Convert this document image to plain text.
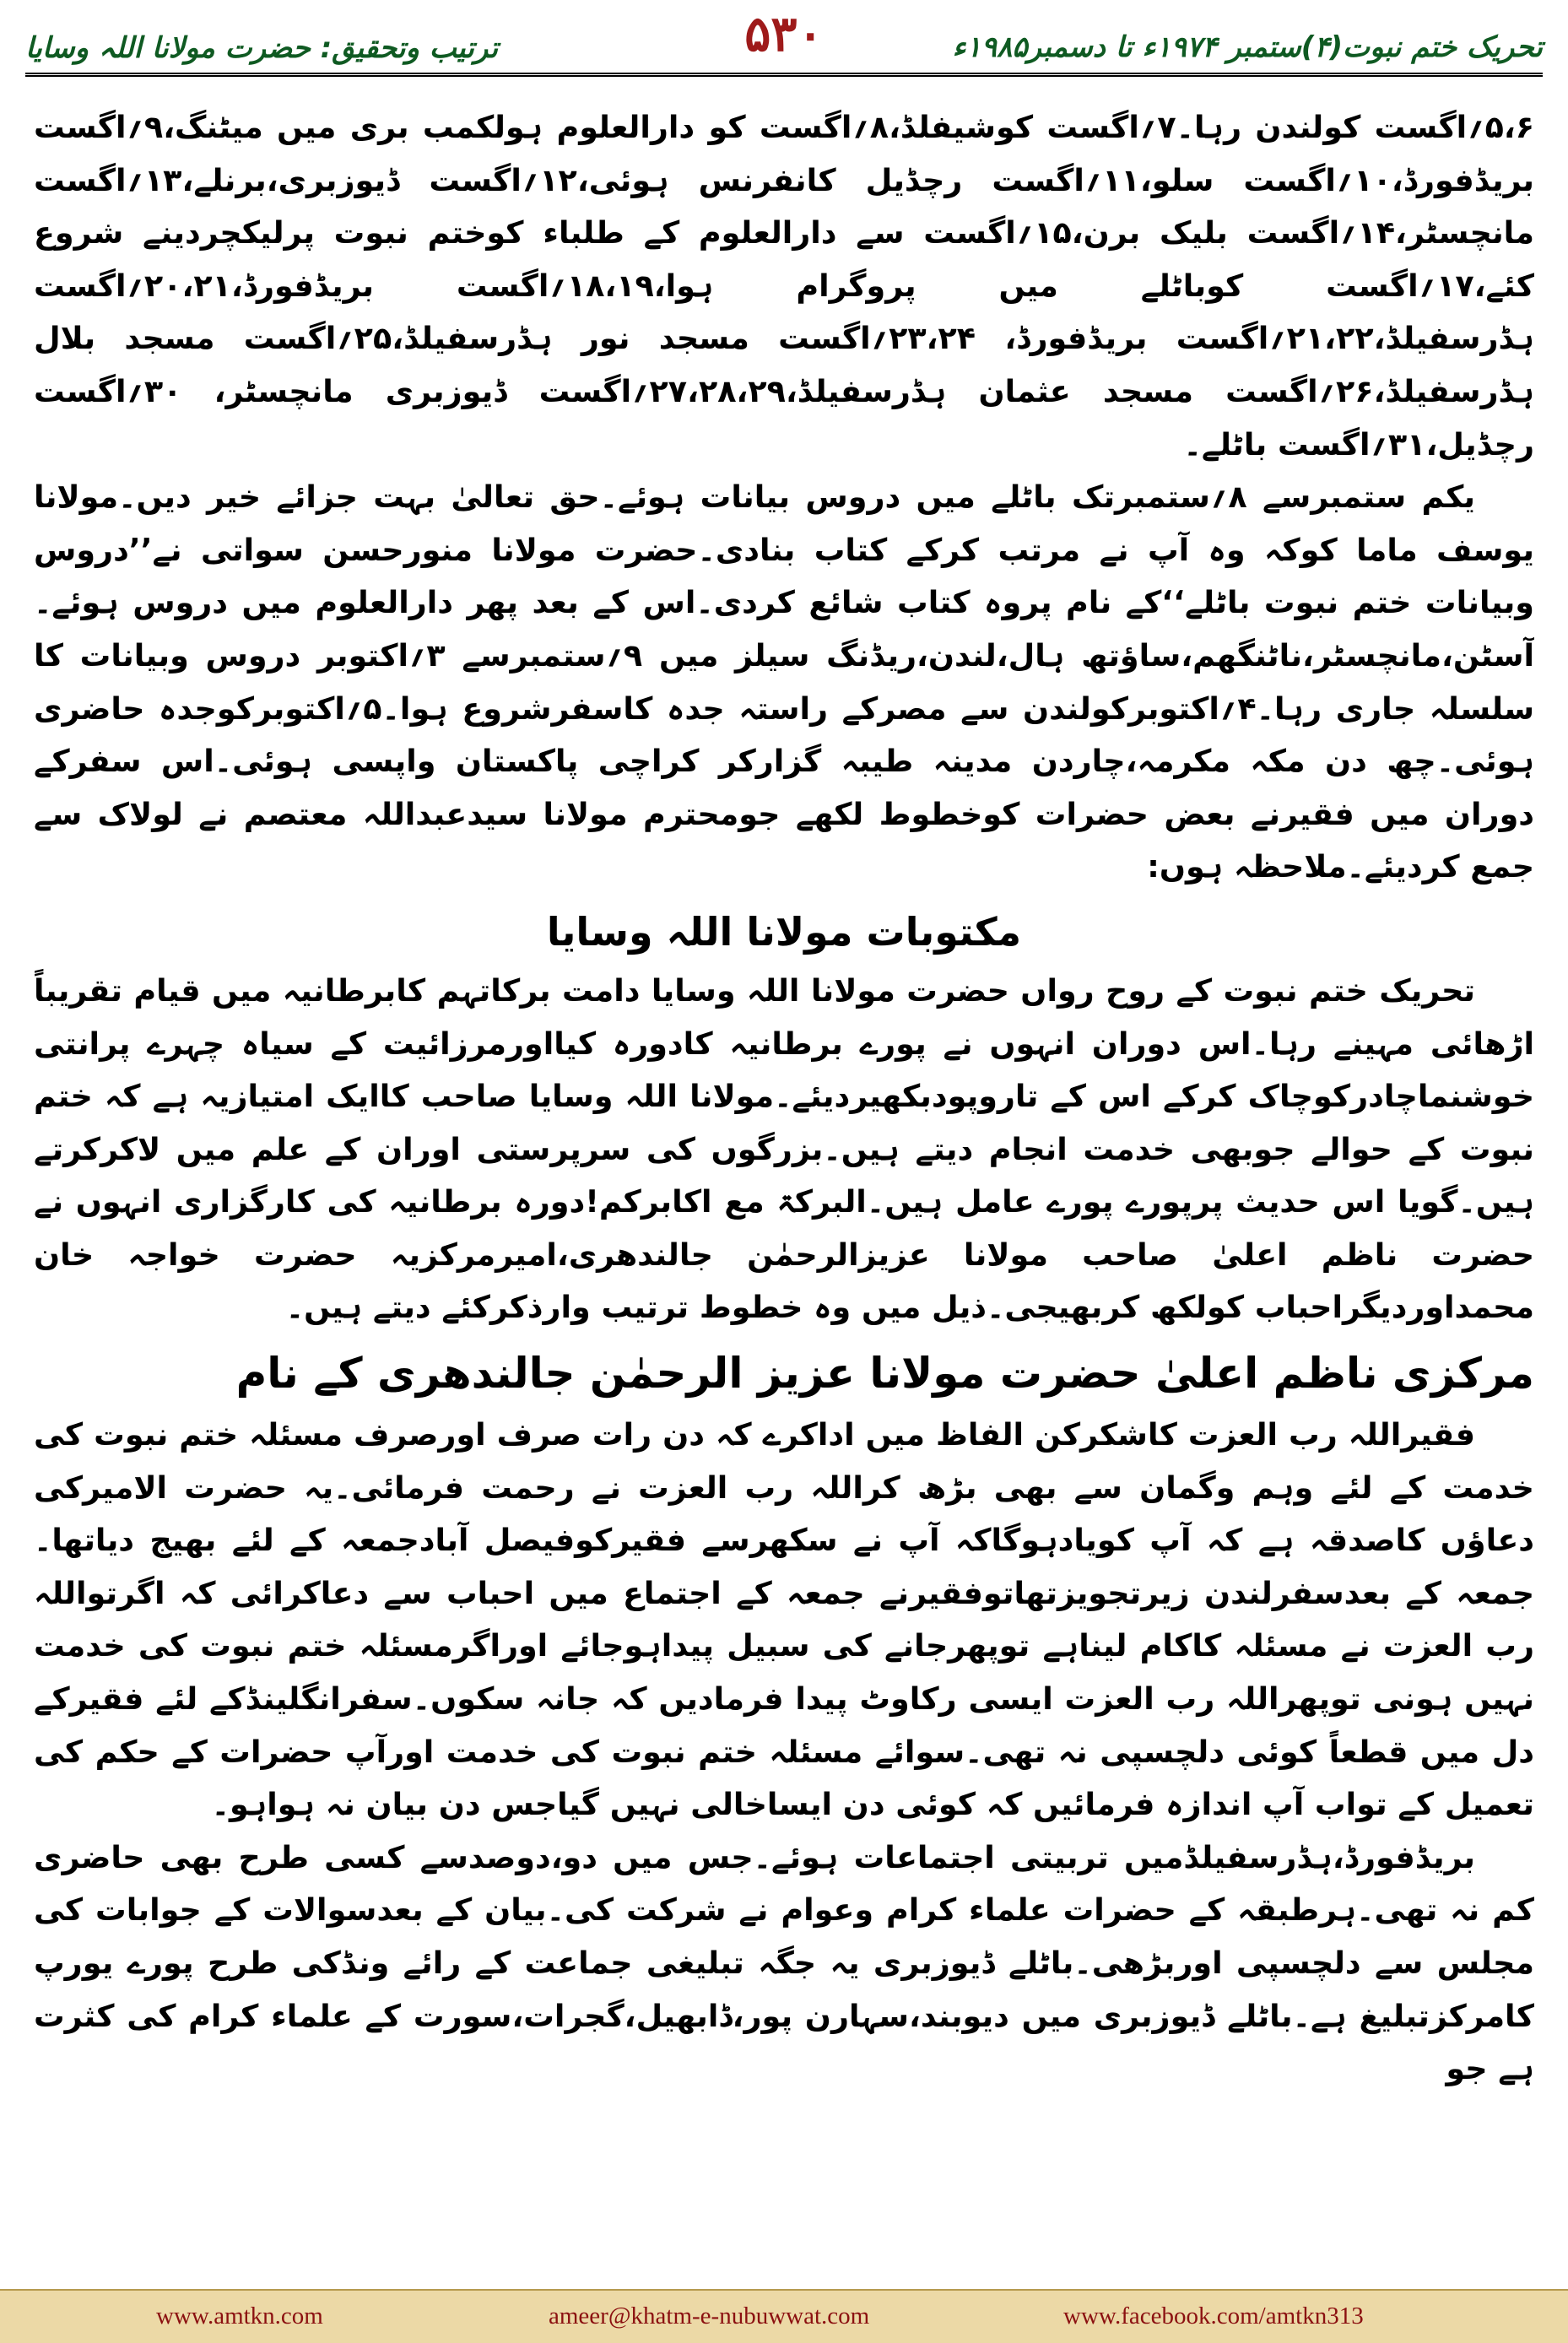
تحریک ختم نبوت(۴)ستمبر ۱۹۷۴ء تا دسمبر۱۹۸۵ء
۵۳۰
ترتیب وتحقیق: حضرت مولانا اللہ وسایا

۵،۶؍اگست کولندن رہا۔۷؍اگست کوشیفلڈ،۸؍اگست کو دارالعلوم ہولکمب بری میں میٹنگ،۹؍اگست بریڈفورڈ،۱۰؍اگست سلو،۱۱؍اگست رچڈیل کانفرنس ہوئی،۱۲؍اگست ڈیوزبری،برنلے،۱۳؍اگست مانچسٹر،۱۴؍اگست بلیک برن،۱۵؍اگست سے دارالعلوم کے طلباء کوختم نبوت پرلیکچردینے شروع کئے،۱۷؍اگست کوباٹلے میں پروگرام ہوا،۱۸،۱۹؍اگست بریڈفورڈ،۲۰،۲۱؍اگست ہڈرسفیلڈ،۲۱،۲۲؍اگست بریڈفورڈ، ۲۳،۲۴؍اگست مسجد نور ہڈرسفیلڈ،۲۵؍اگست مسجد بلال ہڈرسفیلڈ،۲۶؍اگست مسجد عثمان ہڈرسفیلڈ،۲۷،۲۸،۲۹؍اگست ڈیوزبری مانچسٹر، ۳۰؍اگست رچڈیل،۳۱؍اگست باٹلے۔

یکم ستمبرسے ۸؍ستمبرتک باٹلے میں دروس بیانات ہوئے۔حق تعالیٰ بہت جزائے خیر دیں۔مولانا یوسف ماما کوکہ وہ آپ نے مرتب کرکے کتاب بنادی۔حضرت مولانا منورحسن سواتی نے’’دروس وبیانات ختم نبوت باٹلے‘‘کے نام پروہ کتاب شائع کردی۔اس کے بعد پھر دارالعلوم میں دروس ہوئے۔آسٹن،مانچسٹر،ناٹنگھم،ساؤتھ ہال،لندن،ریڈنگ سیلز میں ۹؍ستمبرسے ۳؍اکتوبر دروس وبیانات کا سلسلہ جاری رہا۔۴؍اکتوبرکولندن سے مصرکے راستہ جدہ کاسفرشروع ہوا۔۵؍اکتوبرکوجدہ حاضری ہوئی۔چھ دن مکہ مکرمہ،چاردن مدینہ طیبہ گزارکر کراچی پاکستان واپسی ہوئی۔اس سفرکے دوران میں فقیرنے بعض حضرات کوخطوط لکھے جومحترم مولانا سیدعبداللہ معتصم نے لولاک سے جمع کردیئے۔ملاحظہ ہوں:

مکتوبات مولانا اللہ وسایا

تحریک ختم نبوت کے روح رواں حضرت مولانا اللہ وسایا دامت برکاتہم کابرطانیہ میں قیام تقریباً اڑھائی مہینے رہا۔اس دوران انہوں نے پورے برطانیہ کادورہ کیااورمرزائیت کے سیاہ چہرے پرانتی خوشنماچادرکوچاک کرکے اس کے تاروپودبکھیردیئے۔مولانا اللہ وسایا صاحب کاایک امتیازیہ ہے کہ ختم نبوت کے حوالے جوبھی خدمت انجام دیتے ہیں۔بزرگوں کی سرپرستی اوران کے علم میں لاکرکرتے ہیں۔گویا اس حدیث پرپورے پورے عامل ہیں۔البرکۃ مع اکابرکم!دورہ برطانیہ کی کارگزاری انہوں نے حضرت ناظم اعلیٰ صاحب مولانا عزیزالرحمٰن جالندھری،امیرمرکزیہ حضرت خواجہ خان محمداوردیگراحباب کولکھ کربھیجی۔ذیل میں وہ خطوط ترتیب وارذکرکئے دیتے ہیں۔

مرکزی ناظم اعلیٰ حضرت مولانا عزیز الرحمٰن جالندھری کے نام

فقیراللہ رب العزت کاشکرکن الفاظ میں اداکرے کہ دن رات صرف اورصرف مسئلہ ختم نبوت کی خدمت کے لئے وہم وگمان سے بھی بڑھ کراللہ رب العزت نے رحمت فرمائی۔یہ حضرت الامیرکی دعاؤں کاصدقہ ہے کہ آپ کویادہوگاکہ آپ نے سکھرسے فقیرکوفیصل آبادجمعہ کے لئے بھیج دیاتھا۔جمعہ کے بعدسفرلندن زیرتجویزتھاتوفقیرنے جمعہ کے اجتماع میں احباب سے دعاکرائی کہ اگرتواللہ رب العزت نے مسئلہ کاکام لیناہے توپھرجانے کی سبیل پیداہوجائے اوراگرمسئلہ ختم نبوت کی خدمت نہیں ہونی توپھراللہ رب العزت ایسی رکاوٹ پیدا فرمادیں کہ جانہ سکوں۔سفرانگلینڈکے لئے فقیرکے دل میں قطعاً کوئی دلچسپی نہ تھی۔سوائے مسئلہ ختم نبوت کی خدمت اورآپ حضرات کے حکم کی تعمیل کے تواب آپ اندازہ فرمائیں کہ کوئی دن ایساخالی نہیں گیاجس دن بیان نہ ہواہو۔

بریڈفورڈ،ہڈرسفیلڈمیں تربیتی اجتماعات ہوئے۔جس میں دو،دوصدسے کسی طرح بھی حاضری کم نہ تھی۔ہرطبقہ کے حضرات علماء کرام وعوام نے شرکت کی۔بیان کے بعدسوالات کے جوابات کی مجلس سے دلچسپی اوربڑھی۔باٹلے ڈیوزبری یہ جگہ تبلیغی جماعت کے رائے ونڈکی طرح پورے یورپ کامرکزتبلیغ ہے۔باٹلے ڈیوزبری میں دیوبند،سہارن پور،ڈابھیل،گجرات،سورت کے علماء کرام کی کثرت ہے جو

www.amtkn.com	ameer@khatm-e-nubuwwat.com	www.facebook.com/amtkn313
